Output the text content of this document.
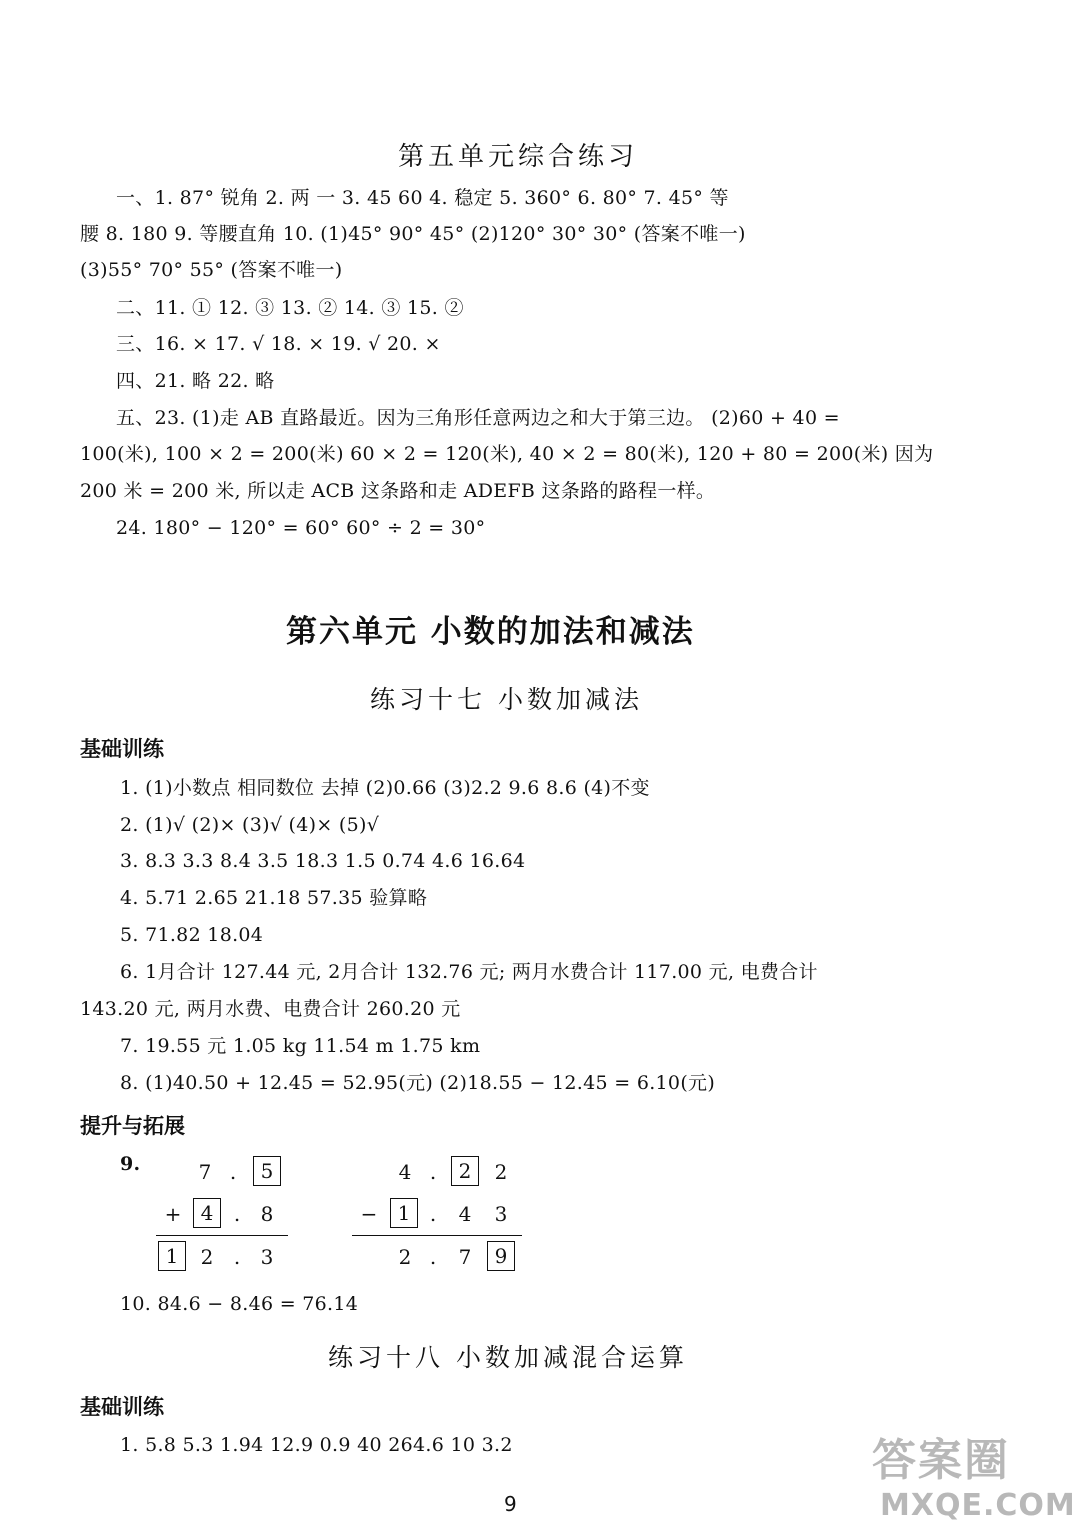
第五单元综合练习
一、1. 87° 锐角 2. 两 一 3. 45 60 4. 稳定 5. 360° 6. 80° 7. 45° 等
腰 8. 180 9. 等腰直角 10. (1)45° 90° 45° (2)120° 30° 30° (答案不唯一)
(3)55° 70° 55° (答案不唯一)
二、11. ① 12. ③ 13. ② 14. ③ 15. ②
三、16. × 17. √ 18. × 19. √ 20. ×
四、21. 略 22. 略
五、23. (1)走 AB 直路最近。因为三角形任意两边之和大于第三边。 (2)60 + 40 =
100(米), 100 × 2 = 200(米) 60 × 2 = 120(米), 40 × 2 = 80(米), 120 + 80 = 200(米) 因为
200 米 = 200 米, 所以走 ACB 这条路和走 ADEFB 这条路的路程一样。
24. 180° − 120° = 60° 60° ÷ 2 = 30°
第六单元 小数的加法和减法
练习十七 小数加减法
基础训练
1. (1)小数点 相同数位 去掉 (2)0.66 (3)2.2 9.6 8.6 (4)不变
2. (1)√ (2)× (3)√ (4)× (5)√
3. 8.3 3.3 8.4 3.5 18.3 1.5 0.74 4.6 16.64
4. 5.71 2.65 21.18 57.35 验算略
5. 71.82 18.04
6. 1月合计 127.44 元, 2月合计 132.76 元; 两月水费合计 117.00 元, 电费合计
143.20 元, 两月水费、电费合计 260.20 元
7. 19.55 元 1.05 kg 11.54 m 1.75 km
8. (1)40.50 + 12.45 = 52.95(元) (2)18.55 − 12.45 = 6.10(元)
提升与拓展
9.	7 .	5
+ 4	.	8
1	2	.	3
4 .	2	2
−	1 .	4	3
2 .	7	9
10. 84.6 − 8.46 = 76.14
练习十八 小数加减混合运算
基础训练
1. 5.8 5.3 1.94 12.9 0.9 40 264.6 10 3.2
9
答案圈
MXQE.COM
